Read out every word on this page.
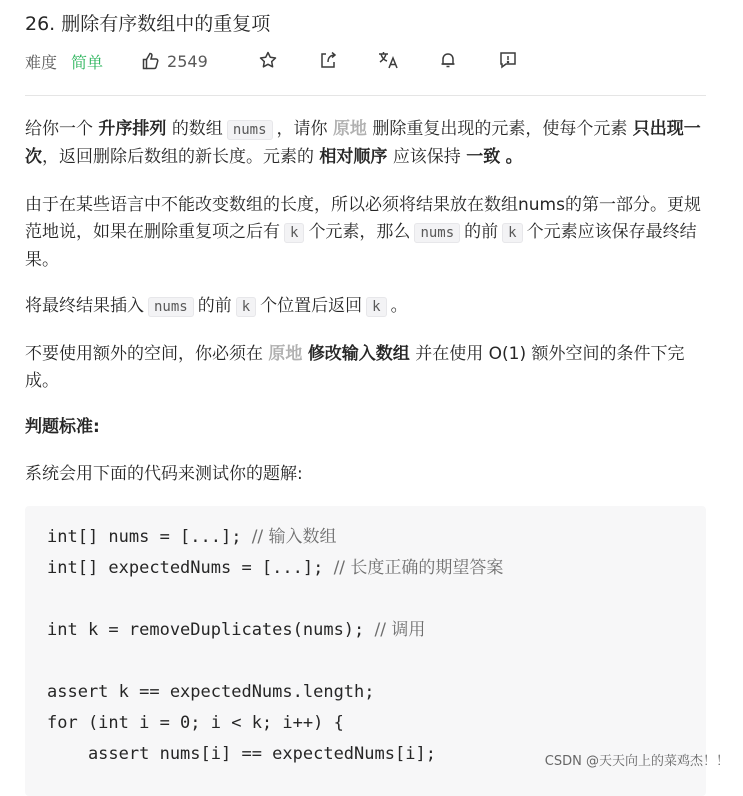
26. 删除有序数组中的重复项
难度 简单	2549

给你一个 升序排列 的数组 nums ，请你 原地 删除重复出现的元素，使每个元素 只出现一次，返回删除后数组的新长度。元素的 相对顺序 应该保持 一致 。

由于在某些语言中不能改变数组的长度，所以必须将结果放在数组nums的第一部分。更规范地说，如果在删除重复项之后有 k 个元素，那么 nums 的前 k 个元素应该保存最终结果。

将最终结果插入 nums 的前 k 个位置后返回 k 。

不要使用额外的空间，你必须在 原地 修改输入数组 并在使用 O(1) 额外空间的条件下完成。

判题标准:

系统会用下面的代码来测试你的题解:

int[] nums = [...]; // 输入数组
int[] expectedNums = [...]; // 长度正确的期望答案
int k = removeDuplicates(nums); // 调用
assert k == expectedNums.length;
for (int i = 0; i < k; i++) {
assert nums[i] == expectedNums[i];	CSDN @天天向上的菜鸡杰！！
